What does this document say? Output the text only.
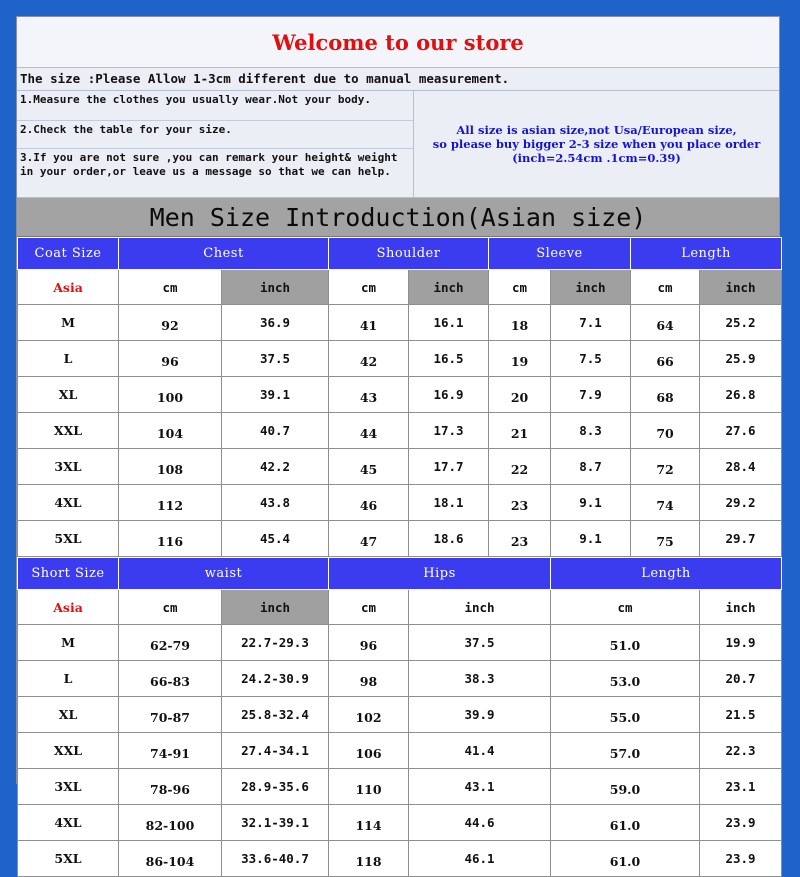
Welcome to our store
The size :Please Allow 1-3cm different due to manual measurement.
1.Measure the clothes you usually wear.Not your body.
2.Check the table for your size.
3.If you are not sure ,you can remark your height& weight in your order,or leave us a message so that we can help.
All size is asian size,not Usa/European size,
so please buy bigger 2-3 size when you place order
(inch=2.54cm .1cm=0.39)
Men Size Introduction(Asian size)
Coat Size	Chest		Shoulder		Sleeve		Length	
Asia	cm	inch	cm	inch	cm	inch	cm	inch
M	92	36.9	41	16.1	18	7.1	64	25.2
L	96	37.5	42	16.5	19	7.5	66	25.9
XL	100	39.1	43	16.9	20	7.9	68	26.8
XXL	104	40.7	44	17.3	21	8.3	70	27.6
3XL	108	42.2	45	17.7	22	8.7	72	28.4
4XL	112	43.8	46	18.1	23	9.1	74	29.2
5XL	116	45.4	47	18.6	23	9.1	75	29.7
Short Size	waist		Hips		Length	
Asia	cm	inch	cm	inch	cm	inch
M	62-79	22.7-29.3	96	37.5	51.0	19.9
L	66-83	24.2-30.9	98	38.3	53.0	20.7
XL	70-87	25.8-32.4	102	39.9	55.0	21.5
XXL	74-91	27.4-34.1	106	41.4	57.0	22.3
3XL	78-96	28.9-35.6	110	43.1	59.0	23.1
4XL	82-100	32.1-39.1	114	44.6	61.0	23.9
5XL	86-104	33.6-40.7	118	46.1	61.0	23.9
